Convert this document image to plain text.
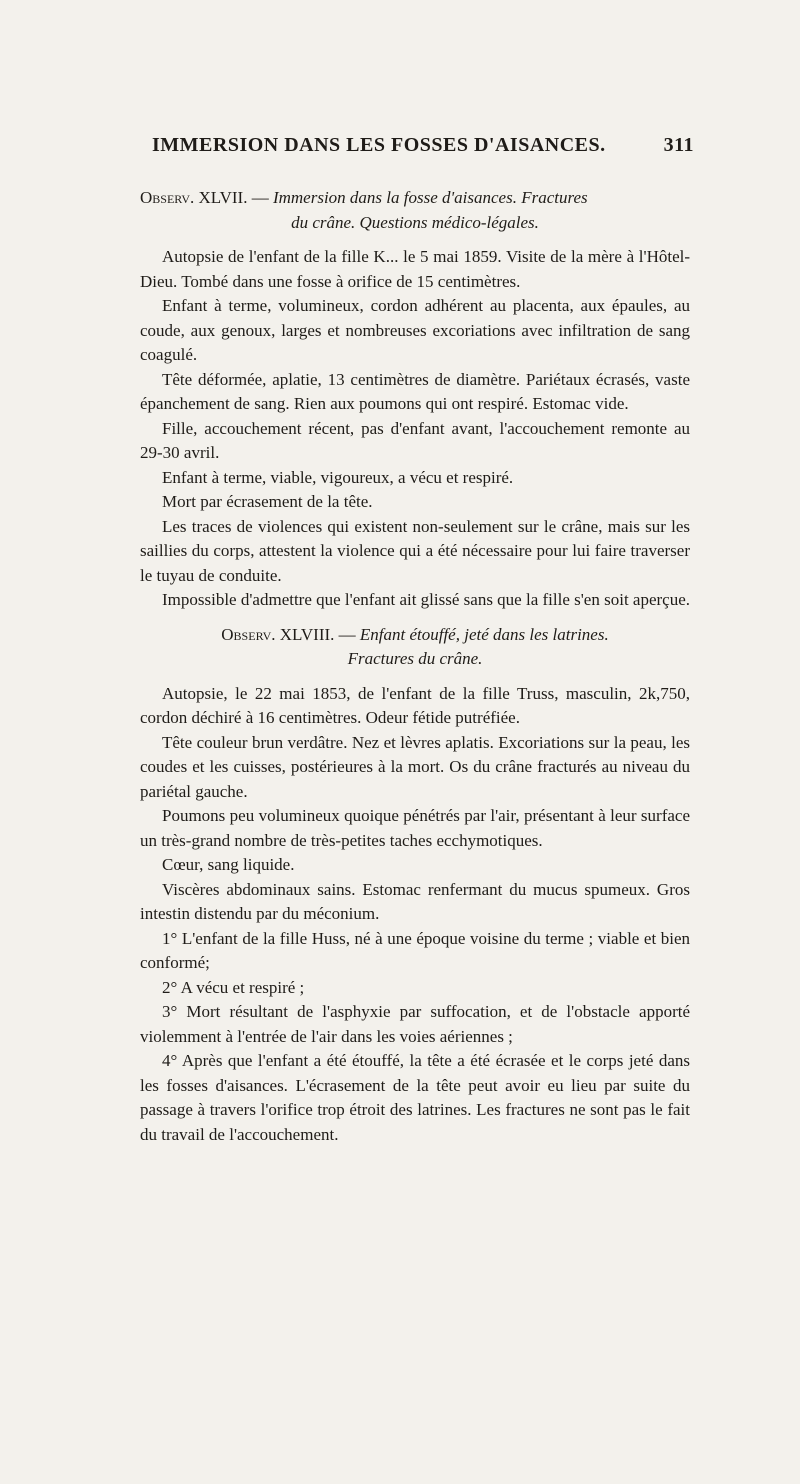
IMMERSION DANS LES FOSSES D'AISANCES.	311
Observ. XLVII. — Immersion dans la fosse d'aisances. Fractures
du crâne. Questions médico-légales.

Autopsie de l'enfant de la fille K... le 5 mai 1859. Visite de la mère à l'Hôtel-Dieu. Tombé dans une fosse à orifice de 15 centimètres.

Enfant à terme, volumineux, cordon adhérent au placenta, aux épaules, au coude, aux genoux, larges et nombreuses excoriations avec infiltration de sang coagulé.

Tête déformée, aplatie, 13 centimètres de diamètre. Pariétaux écrasés, vaste épanchement de sang. Rien aux poumons qui ont respiré. Estomac vide.

Fille, accouchement récent, pas d'enfant avant, l'accouchement remonte au 29-30 avril.

Enfant à terme, viable, vigoureux, a vécu et respiré.

Mort par écrasement de la tête.

Les traces de violences qui existent non-seulement sur le crâne, mais sur les saillies du corps, attestent la violence qui a été nécessaire pour lui faire traverser le tuyau de conduite.

Impossible d'admettre que l'enfant ait glissé sans que la fille s'en soit aperçue.

Observ. XLVIII. — Enfant étouffé, jeté dans les latrines.
Fractures du crâne.

Autopsie, le 22 mai 1853, de l'enfant de la fille Truss, masculin, 2k,750, cordon déchiré à 16 centimètres. Odeur fétide putréfiée.

Tête couleur brun verdâtre. Nez et lèvres aplatis. Excoriations sur la peau, les coudes et les cuisses, postérieures à la mort. Os du crâne fracturés au niveau du pariétal gauche.

Poumons peu volumineux quoique pénétrés par l'air, présentant à leur surface un très-grand nombre de très-petites taches ecchymotiques.

Cœur, sang liquide.

Viscères abdominaux sains. Estomac renfermant du mucus spumeux. Gros intestin distendu par du méconium.

1° L'enfant de la fille Huss, né à une époque voisine du terme ; viable et bien conformé;

2° A vécu et respiré ;

3° Mort résultant de l'asphyxie par suffocation, et de l'obstacle apporté violemment à l'entrée de l'air dans les voies aériennes ;

4° Après que l'enfant a été étouffé, la tête a été écrasée et le corps jeté dans les fosses d'aisances. L'écrasement de la tête peut avoir eu lieu par suite du passage à travers l'orifice trop étroit des latrines. Les fractures ne sont pas le fait du travail de l'accouchement.
